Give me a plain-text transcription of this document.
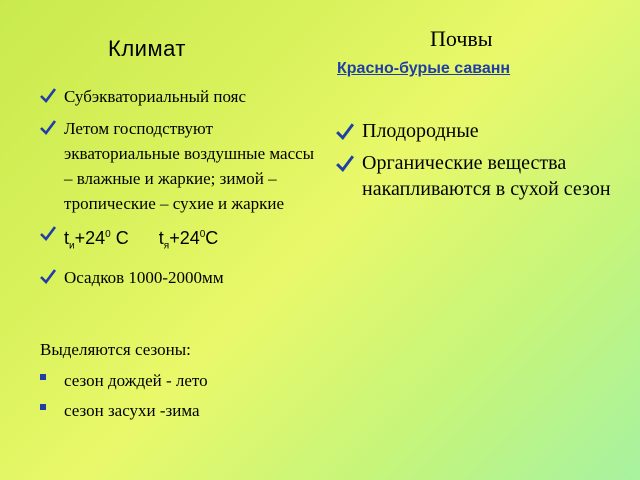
Климат	Почвы
Красно-бурые саванн
Субэкваториальный пояс
Летом господствуют экваториальные воздушные массы – влажные и жаркие; зимой – тропические – сухие и жаркие
$t_и+24^0$ С $t_я+24^0С$
Осадков 1000-2000мм
Выделяются сезоны:
сезон дождей - лето
сезон засухи -зима
Плодородные
Органические вещества накапливаются в сухой сезон
